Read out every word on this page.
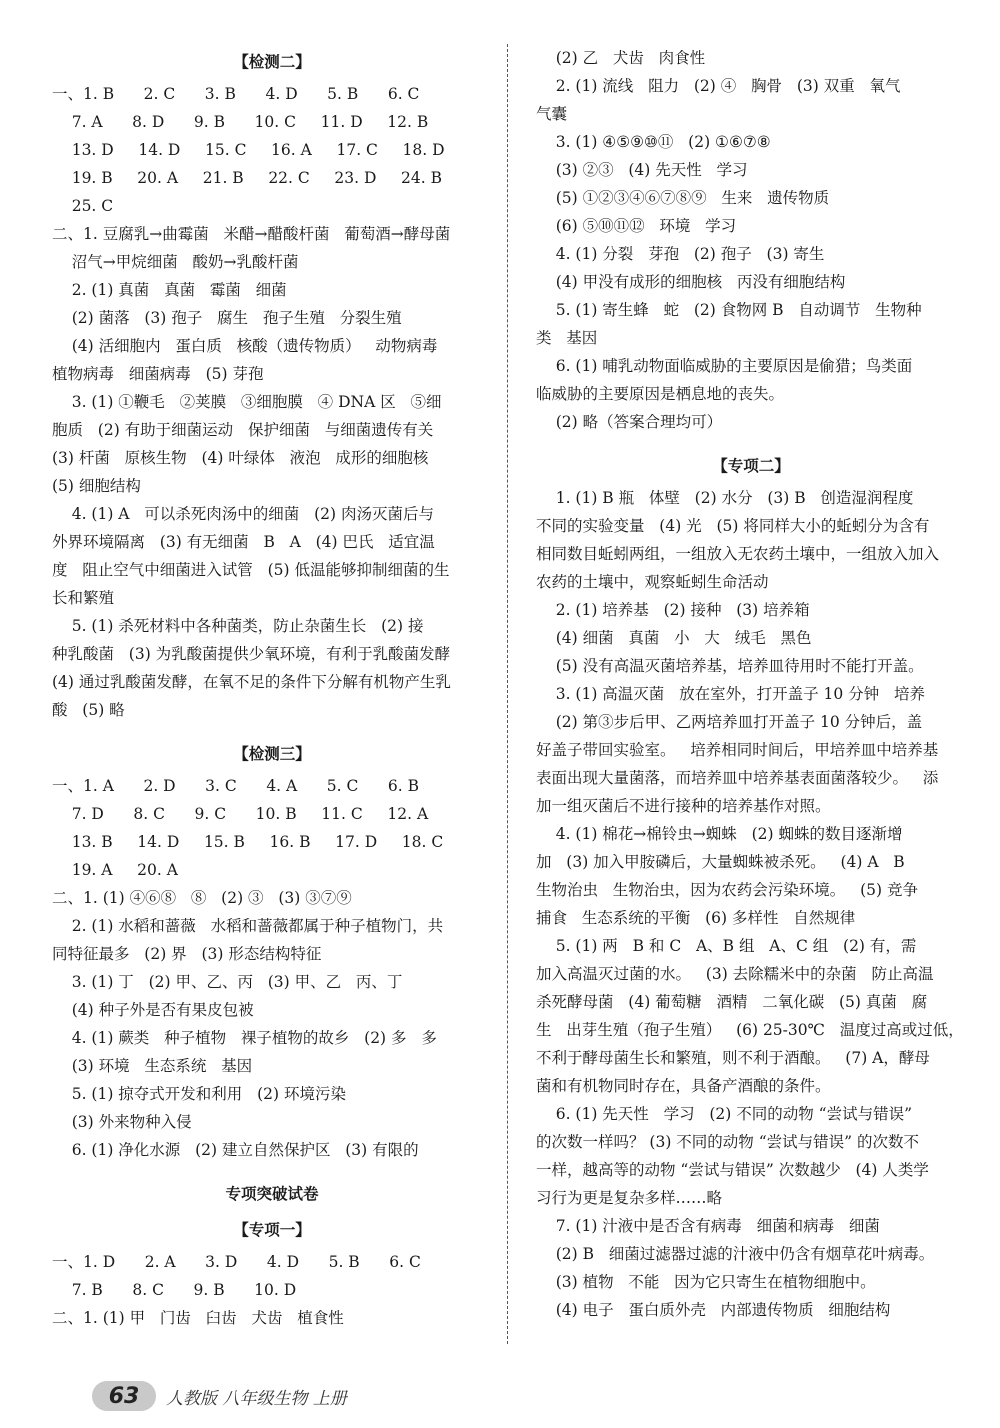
【检测二】
一、1. B      2. C      3. B      4. D      5. B      6. C
7. A      8. D      9. B      10. C     11. D     12. B
13. D     14. D     15. C     16. A     17. C     18. D
19. B     20. A     21. B     22. C     23. D     24. B
25. C
二、1. 豆腐乳→曲霉菌   米醋→醋酸杆菌   葡萄酒→酵母菌
沼气→甲烷细菌   酸奶→乳酸杆菌
2. (1) 真菌   真菌   霉菌   细菌
(2) 菌落   (3) 孢子   腐生   孢子生殖   分裂生殖
(4) 活细胞内   蛋白质   核酸（遗传物质）   动物病毒
植物病毒   细菌病毒   (5) 芽孢
3. (1) ①鞭毛   ②荚膜   ③细胞膜   ④ DNA 区   ⑤细
胞质   (2) 有助于细菌运动   保护细菌   与细菌遗传有关
(3) 杆菌   原核生物   (4) 叶绿体   液泡   成形的细胞核
(5) 细胞结构
4. (1) A   可以杀死肉汤中的细菌   (2) 肉汤灭菌后与
外界环境隔离   (3) 有无细菌   B   A   (4) 巴氏   适宜温
度   阻止空气中细菌进入试管   (5) 低温能够抑制细菌的生
长和繁殖
5. (1) 杀死材料中各种菌类，防止杂菌生长   (2) 接
种乳酸菌   (3) 为乳酸菌提供少氧环境，有利于乳酸菌发酵
(4) 通过乳酸菌发酵，在氧不足的条件下分解有机物产生乳
酸   (5) 略
【检测三】
一、1. A      2. D      3. C      4. A      5. C      6. B
7. D      8. C      9. C      10. B     11. C     12. A
13. B     14. D     15. B     16. B     17. D     18. C
19. A     20. A
二、1. (1) ④⑥⑧   ⑧   (2) ③   (3) ③⑦⑨
2. (1) 水稻和蔷薇   水稻和蔷薇都属于种子植物门，共
同特征最多   (2) 界   (3) 形态结构特征
3. (1) 丁   (2) 甲、乙、丙   (3) 甲、乙   丙、丁
(4) 种子外是否有果皮包被
4. (1) 蕨类   种子植物   裸子植物的故乡   (2) 多   多
(3) 环境   生态系统   基因
5. (1) 掠夺式开发和利用   (2) 环境污染
(3) 外来物种入侵
6. (1) 净化水源   (2) 建立自然保护区   (3) 有限的
专项突破试卷
【专项一】
一、1. D      2. A      3. D      4. D      5. B      6. C
7. B      8. C      9. B      10. D
二、1. (1) 甲   门齿   臼齿   犬齿   植食性
(2) 乙   犬齿   肉食性
2. (1) 流线   阻力   (2) ④   胸骨   (3) 双重   氧气
气囊
3. (1) ④⑤⑨⑩⑪   (2) ①⑥⑦⑧
(3) ②③   (4) 先天性   学习
(5) ①②③④⑥⑦⑧⑨   生来   遗传物质
(6) ⑤⑩⑪⑫   环境   学习
4. (1) 分裂   芽孢   (2) 孢子   (3) 寄生
(4) 甲没有成形的细胞核   丙没有细胞结构
5. (1) 寄生蜂   蛇   (2) 食物网 B   自动调节   生物种
类   基因
6. (1) 哺乳动物面临威胁的主要原因是偷猎；鸟类面
临威胁的主要原因是栖息地的丧失。
(2) 略（答案合理均可）
【专项二】
1. (1) B 瓶   体壁   (2) 水分   (3) B   创造湿润程度
不同的实验变量   (4) 光   (5) 将同样大小的蚯蚓分为含有
相同数目蚯蚓两组，一组放入无农药土壤中，一组放入加入
农药的土壤中，观察蚯蚓生命活动
2. (1) 培养基   (2) 接种   (3) 培养箱
(4) 细菌   真菌   小   大   绒毛   黑色
(5) 没有高温灭菌培养基，培养皿待用时不能打开盖。
3. (1) 高温灭菌   放在室外，打开盖子 10 分钟   培养
(2) 第③步后甲、乙两培养皿打开盖子 10 分钟后，盖
好盖子带回实验室。   培养相同时间后，甲培养皿中培养基
表面出现大量菌落，而培养皿中培养基表面菌落较少。   添
加一组灭菌后不进行接种的培养基作对照。
4. (1) 棉花→棉铃虫→蜘蛛   (2) 蜘蛛的数目逐渐增
加   (3) 加入甲胺磷后，大量蜘蛛被杀死。   (4) A   B
生物治虫   生物治虫，因为农药会污染环境。   (5) 竞争
捕食   生态系统的平衡   (6) 多样性   自然规律
5. (1) 两   B 和 C   A、B 组   A、C 组   (2) 有，需
加入高温灭过菌的水。   (3) 去除糯米中的杂菌   防止高温
杀死酵母菌   (4) 葡萄糖   酒精   二氧化碳   (5) 真菌   腐
生   出芽生殖（孢子生殖）   (6) 25-30℃   温度过高或过低，
不利于酵母菌生长和繁殖，则不利于酒酿。   (7) A，酵母
菌和有机物同时存在，具备产酒酿的条件。
6. (1) 先天性   学习   (2) 不同的动物 “尝试与错误”
的次数一样吗？ (3) 不同的动物 “尝试与错误” 的次数不
一样，越高等的动物 “尝试与错误” 次数越少   (4) 人类学
习行为更是复杂多样……略
7. (1) 汁液中是否含有病毒   细菌和病毒   细菌
(2) B   细菌过滤器过滤的汁液中仍含有烟草花叶病毒。
(3) 植物   不能   因为它只寄生在植物细胞中。
(4) 电子   蛋白质外壳   内部遗传物质   细胞结构
63	人教版 八年级生物 上册
